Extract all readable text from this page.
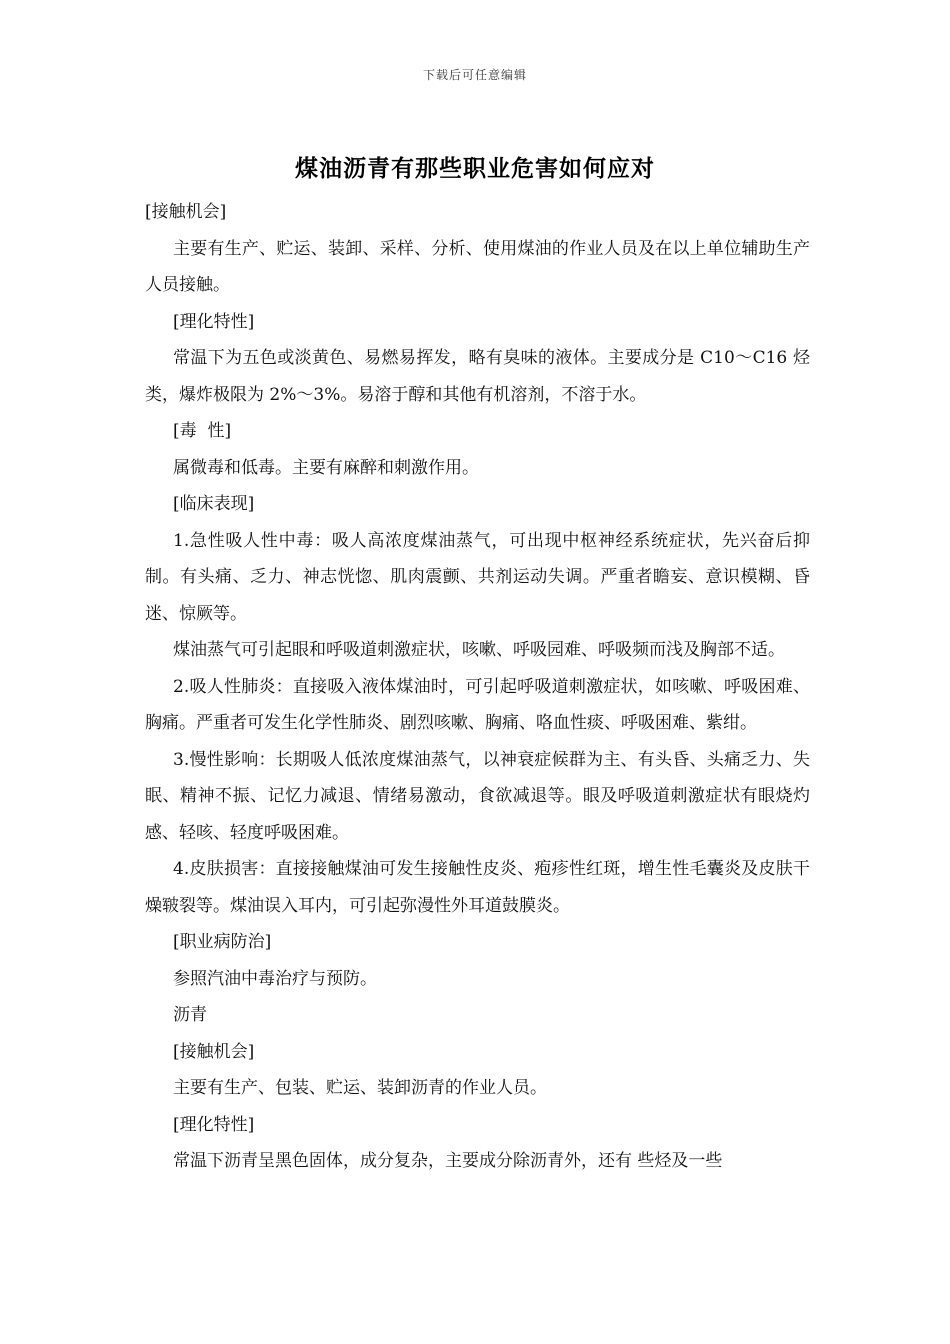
下载后可任意编辑
煤油沥青有那些职业危害如何应对

[接触机会]

主要有生产、贮运、装卸、采样、分析、使用煤油的作业人员及在以上单位辅助生产人员接触。

[理化特性]

常温下为五色或淡黄色、易燃易挥发，略有臭味的液体。主要成分是 C10～C16 烃类，爆炸极限为 2%～3%。易溶于醇和其他有机溶剂，不溶于水。

[毒  性]

属微毒和低毒。主要有麻醉和刺激作用。

[临床表现]

1.急性吸人性中毒：吸人高浓度煤油蒸气，可出现中枢神经系统症状，先兴奋后抑制。有头痛、乏力、神志恍惚、肌肉震颤、共剂运动失调。严重者瞻妄、意识模糊、昏迷、惊厥等。

煤油蒸气可引起眼和呼吸道刺激症状，咳嗽、呼吸园难、呼吸频而浅及胸部不适。

2.吸人性肺炎：直接吸入液体煤油时，可引起呼吸道刺激症状，如咳嗽、呼吸困难、胸痛。严重者可发生化学性肺炎、剧烈咳嗽、胸痛、咯血性痰、呼吸困难、紫绀。

3.慢性影响：长期吸人低浓度煤油蒸气，以神衰症候群为主、有头昏、头痛乏力、失眠、精神不振、记忆力减退、情绪易激动，食欲减退等。眼及呼吸道刺激症状有眼烧灼感、轻咳、轻度呼吸困难。

4.皮肤损害：直接接触煤油可发生接触性皮炎、疱疹性红斑，增生性毛囊炎及皮肤干燥皲裂等。煤油误入耳内，可引起弥漫性外耳道鼓膜炎。

[职业病防治]

参照汽油中毒治疗与预防。

沥青

[接触机会]

主要有生产、包装、贮运、装卸沥青的作业人员。

[理化特性]

常温下沥青呈黑色固体，成分复杂，主要成分除沥青外，还有 些烃及一些
